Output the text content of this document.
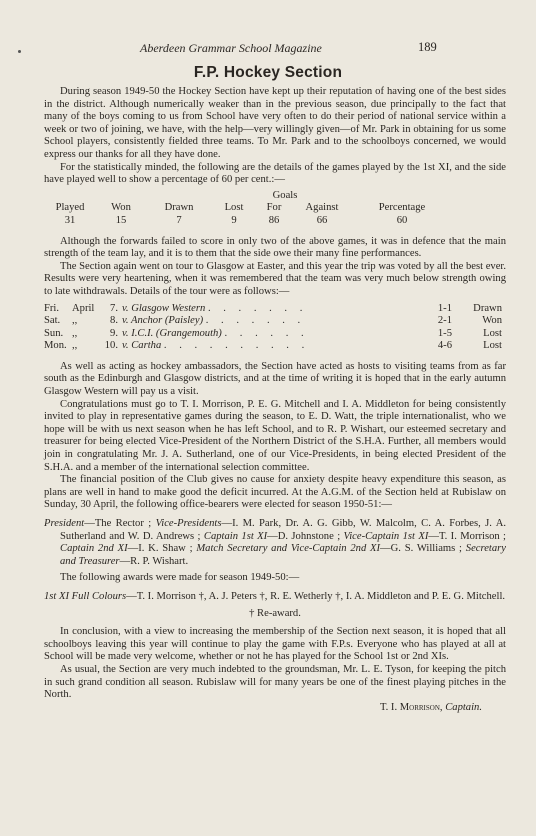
Aberdeen Grammar School Magazine	189
F.P. Hockey Section

During season 1949-50 the Hockey Section have kept up their reputation of having one of the best sides in the district. Although numerically weaker than in the previous season, due principally to the fact that many of the boys coming to us from School have very often to do their period of national service within a week or two of joining, we have, with the help—very willingly given—of Mr. Park in obtaining for us some School players, consistently fielded three teams. To Mr. Park and to the schoolboys concerned, we would express our thanks for all they have done.

For the statistically minded, the following are the details of the games played by the 1st XI, and the side have played well to show a percentage of 60 per cent.:—

Goals
Played	Won	Drawn	Lost	For	Against	Percentage
31	15	7	9	86	66	60

Although the forwards failed to score in only two of the above games, it was in defence that the main strength of the team lay, and it is to them that the side owe their many fine performances.

The Section again went on tour to Glasgow at Easter, and this year the trip was voted by all the best ever. Results were very heartening, when it was remembered that the team was very much below strength owing to late withdrawals. Details of the tour were as follows:—

Fri.	April	7. v. Glasgow Western . . . . . . .	1-1	Drawn
Sat.	,,	8. v. Anchor (Paisley) . . . . . . .	2-1	Won
Sun. ,,	9. v. I.C.I. (Grangemouth) . . . . . .	1-5	Lost
Mon. ,,	10. v. Cartha . . . . . . . . . .	4-6	Lost

As well as acting as hockey ambassadors, the Section have acted as hosts to visiting teams from as far south as the Edinburgh and Glasgow districts, and at the time of writing it is hoped that in the early autumn Glasgow Western will pay us a visit.

Congratulations must go to T. I. Morrison, P. E. G. Mitchell and I. A. Middleton for being consistently invited to play in representative games during the season, to E. D. Watt, the triple internationalist, who we hope will be with us next season when he has left School, and to R. P. Wishart, our esteemed secretary and treasurer for being elected Vice-President of the Northern District of the S.H.A. Further, all members would join in congratulating Mr. J. A. Sutherland, one of our Vice-Presidents, in being elected President of the S.H.A. and a member of the international selection committee.

The financial position of the Club gives no cause for anxiety despite heavy expenditure this season, as plans are well in hand to make good the deficit incurred. At the A.G.M. of the Section held at Rubislaw on Sunday, 30 April, the following office-bearers were elected for season 1950-51:—

President—The Rector ; Vice-Presidents—I. M. Park, Dr. A. G. Gibb, W. Malcolm, C. A. Forbes, J. A. Sutherland and W. D. Andrews ; Captain 1st XI—D. Johnstone ; Vice-Captain 1st XI—T. I. Morrison ; Captain 2nd XI—I. K. Shaw ; Match Secretary and Vice-Captain 2nd XI—G. S. Williams ; Secretary and Treasurer—R. P. Wishart.

The following awards were made for season 1949-50:—

1st XI Full Colours—T. I. Morrison †, A. J. Peters †, R. E. Wetherly †, I. A. Middleton and P. E. G. Mitchell.
† Re-award.

In conclusion, with a view to increasing the membership of the Section next season, it is hoped that all schoolboys leaving this year will continue to play the game with F.P.s. Everyone who has played at all at School will be made very welcome, whether or not he has played for the School 1st or 2nd XIs.

As usual, the Section are very much indebted to the groundsman, Mr. L. E. Tyson, for keeping the pitch in such grand condition all season. Rubislaw will for many years be one of the finest playing pitches in the North.

T. I. Morrison, Captain.
